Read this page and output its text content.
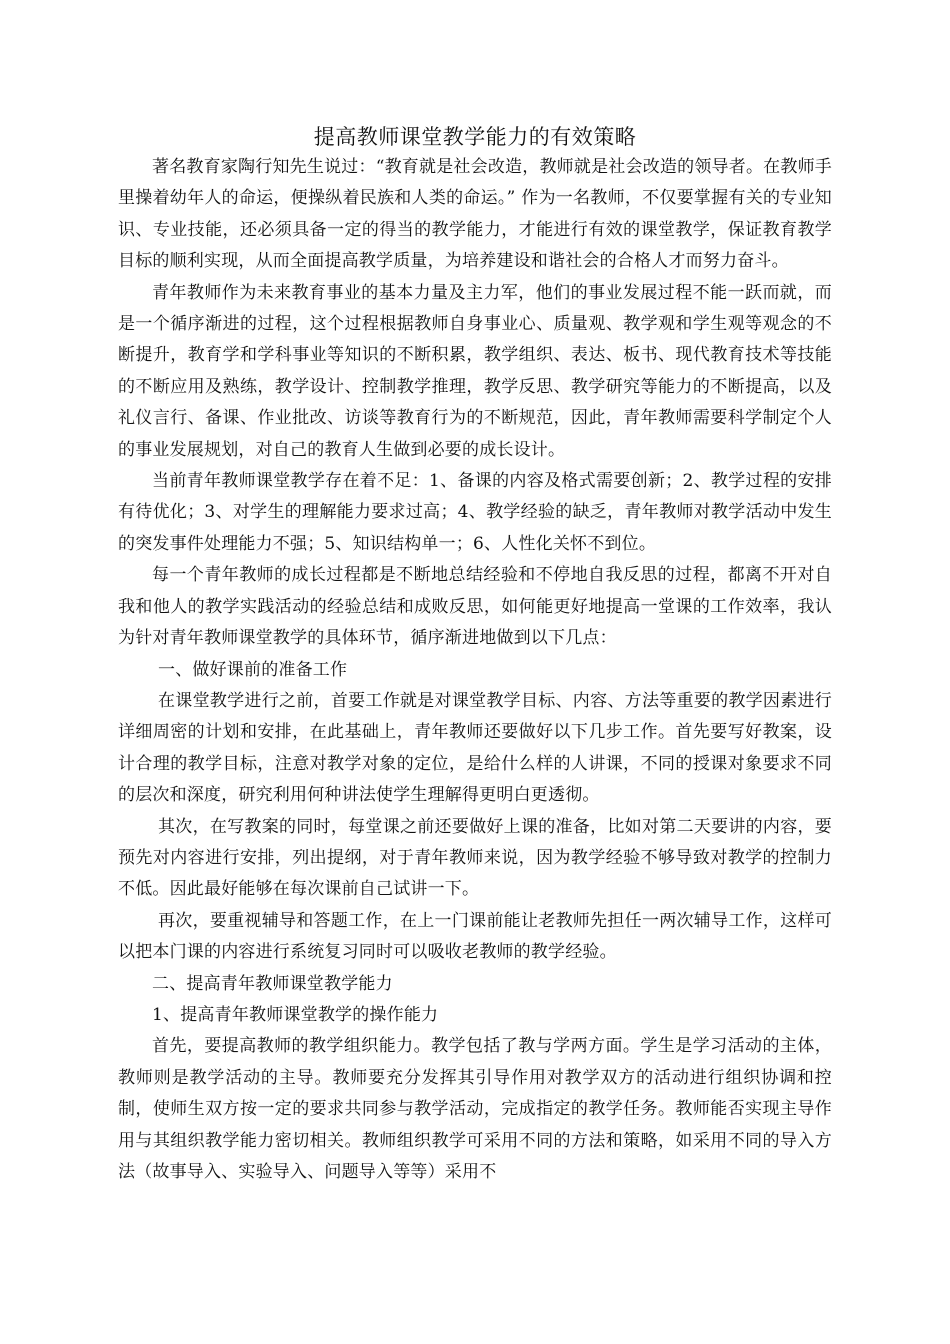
提高教师课堂教学能力的有效策略

著名教育家陶行知先生说过：“教育就是社会改造，教师就是社会改造的领导者。在教师手里操着幼年人的命运，便操纵着民族和人类的命运。” 作为一名教师，不仅要掌握有关的专业知识、专业技能，还必须具备一定的得当的教学能力，才能进行有效的课堂教学，保证教育教学目标的顺利实现，从而全面提高教学质量，为培养建设和谐社会的合格人才而努力奋斗。

青年教师作为未来教育事业的基本力量及主力军，他们的事业发展过程不能一跃而就，而是一个循序渐进的过程，这个过程根据教师自身事业心、质量观、教学观和学生观等观念的不断提升，教育学和学科事业等知识的不断积累，教学组织、表达、板书、现代教育技术等技能的不断应用及熟练，教学设计、控制教学推理，教学反思、教学研究等能力的不断提高，以及礼仪言行、备课、作业批改、访谈等教育行为的不断规范，因此，青年教师需要科学制定个人的事业发展规划，对自己的教育人生做到必要的成长设计。

当前青年教师课堂教学存在着不足：1、备课的内容及格式需要创新；2、教学过程的安排有待优化；3、对学生的理解能力要求过高；4、教学经验的缺乏，青年教师对教学活动中发生的突发事件处理能力不强；5、知识结构单一；6、人性化关怀不到位。

每一个青年教师的成长过程都是不断地总结经验和不停地自我反思的过程，都离不开对自我和他人的教学实践活动的经验总结和成败反思，如何能更好地提高一堂课的工作效率，我认为针对青年教师课堂教学的具体环节，循序渐进地做到以下几点：

一、做好课前的准备工作

在课堂教学进行之前，首要工作就是对课堂教学目标、内容、方法等重要的教学因素进行详细周密的计划和安排，在此基础上，青年教师还要做好以下几步工作。首先要写好教案，设计合理的教学目标，注意对教学对象的定位，是给什么样的人讲课，不同的授课对象要求不同的层次和深度，研究利用何种讲法使学生理解得更明白更透彻。

其次，在写教案的同时，每堂课之前还要做好上课的准备，比如对第二天要讲的内容，要预先对内容进行安排，列出提纲，对于青年教师来说，因为教学经验不够导致对教学的控制力不低。因此最好能够在每次课前自己试讲一下。

再次，要重视辅导和答题工作，在上一门课前能让老教师先担任一两次辅导工作，这样可以把本门课的内容进行系统复习同时可以吸收老教师的教学经验。

二、提高青年教师课堂教学能力

1、提高青年教师课堂教学的操作能力

首先，要提高教师的教学组织能力。教学包括了教与学两方面。学生是学习活动的主体，教师则是教学活动的主导。教师要充分发挥其引导作用对教学双方的活动进行组织协调和控制，使师生双方按一定的要求共同参与教学活动，完成指定的教学任务。教师能否实现主导作用与其组织教学能力密切相关。教师组织教学可采用不同的方法和策略，如采用不同的导入方法（故事导入、实验导入、问题导入等等）采用不
